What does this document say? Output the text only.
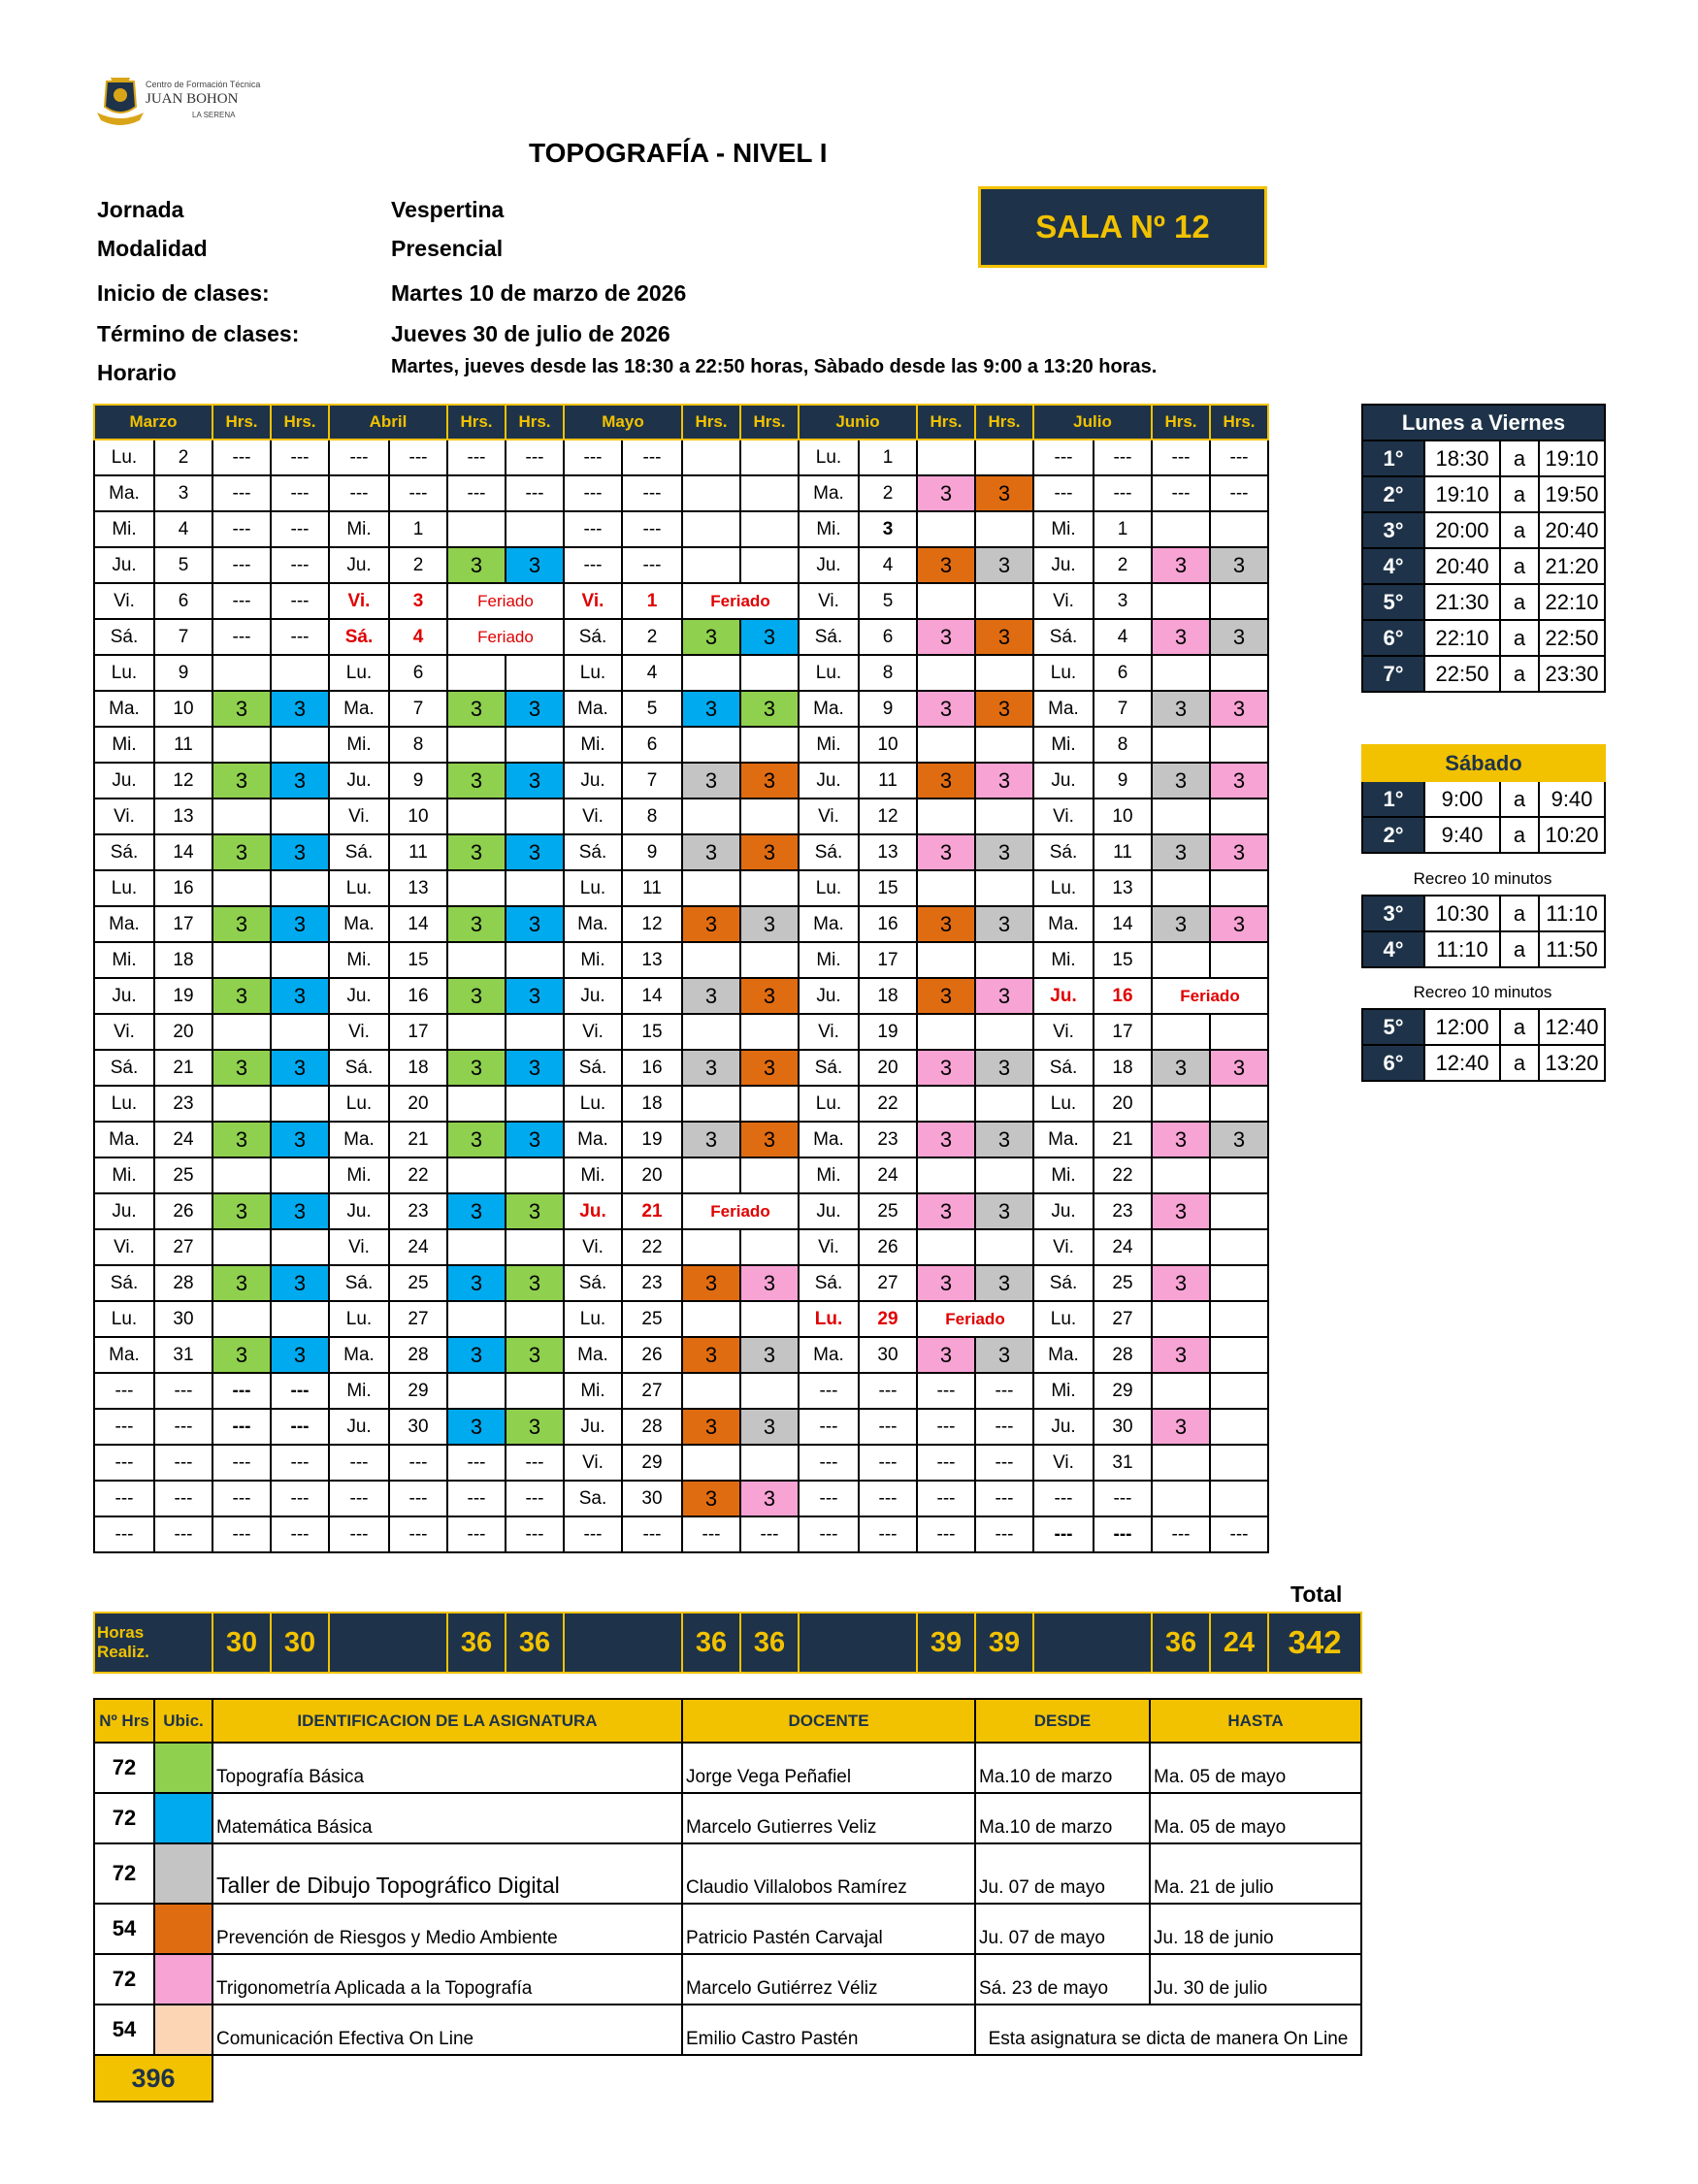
Centro de Formación Técnica
JUAN BOHON
LA SERENA
TOPOGRAFÍA - NIVEL I
Jornada	Vespertina
Modalidad	Presencial
Inicio de clases:	Martes 10 de marzo de 2026
Término de clases:	Jueves 30 de julio de 2026
Horario	Martes, jueves desde las 18:30 a 22:50 horas, Sàbado desde las 9:00 a 13:20 horas.
SALA Nº 12
Marzo		Hrs.	Hrs.	Abril		Hrs.	Hrs.	Mayo		Hrs.	Hrs.	Junio		Hrs.	Hrs.	Julio		Hrs.	Hrs.
Lu.	2	---	---	---	---	---	---	---	---			Lu.	1			---	---	---	---
Ma.	3	---	---	---	---	---	---	---	---			Ma.	2	3	3	---	---	---	---
Mi.	4	---	---	Mi.	1			---	---			Mi.	3			Mi.	1		
Ju.	5	---	---	Ju.	2	3	3	---	---			Ju.	4	3	3	Ju.	2	3	3
Vi.	6	---	---	Vi.	3	Feriado		Vi.	1	Feriado		Vi.	5			Vi.	3		
Sá.	7	---	---	Sá.	4	Feriado		Sá.	2	3	3	Sá.	6	3	3	Sá.	4	3	3
Lu.	9			Lu.	6			Lu.	4			Lu.	8			Lu.	6		
Ma.	10	3	3	Ma.	7	3	3	Ma.	5	3	3	Ma.	9	3	3	Ma.	7	3	3
Mi.	11			Mi.	8			Mi.	6			Mi.	10			Mi.	8		
Ju.	12	3	3	Ju.	9	3	3	Ju.	7	3	3	Ju.	11	3	3	Ju.	9	3	3
Vi.	13			Vi.	10			Vi.	8			Vi.	12			Vi.	10		
Sá.	14	3	3	Sá.	11	3	3	Sá.	9	3	3	Sá.	13	3	3	Sá.	11	3	3
Lu.	16			Lu.	13			Lu.	11			Lu.	15			Lu.	13		
Ma.	17	3	3	Ma.	14	3	3	Ma.	12	3	3	Ma.	16	3	3	Ma.	14	3	3
Mi.	18			Mi.	15			Mi.	13			Mi.	17			Mi.	15		
Ju.	19	3	3	Ju.	16	3	3	Ju.	14	3	3	Ju.	18	3	3	Ju.	16	Feriado	
Vi.	20			Vi.	17			Vi.	15			Vi.	19			Vi.	17		
Sá.	21	3	3	Sá.	18	3	3	Sá.	16	3	3	Sá.	20	3	3	Sá.	18	3	3
Lu.	23			Lu.	20			Lu.	18			Lu.	22			Lu.	20		
Ma.	24	3	3	Ma.	21	3	3	Ma.	19	3	3	Ma.	23	3	3	Ma.	21	3	3
Mi.	25			Mi.	22			Mi.	20			Mi.	24			Mi.	22		
Ju.	26	3	3	Ju.	23	3	3	Ju.	21	Feriado		Ju.	25	3	3	Ju.	23	3	
Vi.	27			Vi.	24			Vi.	22			Vi.	26			Vi.	24		
Sá.	28	3	3	Sá.	25	3	3	Sá.	23	3	3	Sá.	27	3	3	Sá.	25	3	
Lu.	30			Lu.	27			Lu.	25			Lu.	29	Feriado		Lu.	27		
Ma.	31	3	3	Ma.	28	3	3	Ma.	26	3	3	Ma.	30	3	3	Ma.	28	3	
---	---	---	---	Mi.	29			Mi.	27			---	---	---	---	Mi.	29		
---	---	---	---	Ju.	30	3	3	Ju.	28	3	3	---	---	---	---	Ju.	30	3	
---	---	---	---	---	---	---	---	Vi.	29			---	---	---	---	Vi.	31		
---	---	---	---	---	---	---	---	Sa.	30	3	3	---	---	---	---	---	---		
---	---	---	---	---	---	---	---	---	---	---	---	---	---	---	---	---	---	---	---
Total
Horas
Realiz.	30	30		36	36		36	36		39	39		36	24	342
Lunes a Viernes			
1°	18:30	a	19:10
2°	19:10	a	19:50
3°	20:00	a	20:40
4°	20:40	a	21:20
5°	21:30	a	22:10
6°	22:10	a	22:50
7°	22:50	a	23:30
Sábado			
1°	9:00	a	9:40
2°	9:40	a	10:20
Recreo 10 minutos
3°	10:30	a	11:10
4°	11:10	a	11:50
Recreo 10 minutos
5°	12:00	a	12:40
6°	12:40	a	13:20
Nº Hrs	Ubic.	IDENTIFICACION DE LA ASIGNATURA	DOCENTE	DESDE	HASTA
72		Topografía Básica	Jorge Vega Peñafiel	Ma.10 de marzo	Ma. 05 de mayo
72		Matemática Básica	Marcelo Gutierres Veliz	Ma.10 de marzo	Ma. 05 de mayo
72		Taller de Dibujo Topográfico Digital	Claudio Villalobos Ramírez	Ju. 07 de mayo	Ma. 21 de julio
54		Prevención de Riesgos y Medio Ambiente	Patricio Pastén Carvajal	Ju. 07 de mayo	Ju. 18 de junio
72		Trigonometría Aplicada a la Topografía	Marcelo Gutiérrez Véliz	Sá. 23 de mayo	Ju. 30 de julio
54		Comunicación Efectiva On Line	Emilio Castro Pastén	Esta asignatura se dicta de manera On Line	
396					
